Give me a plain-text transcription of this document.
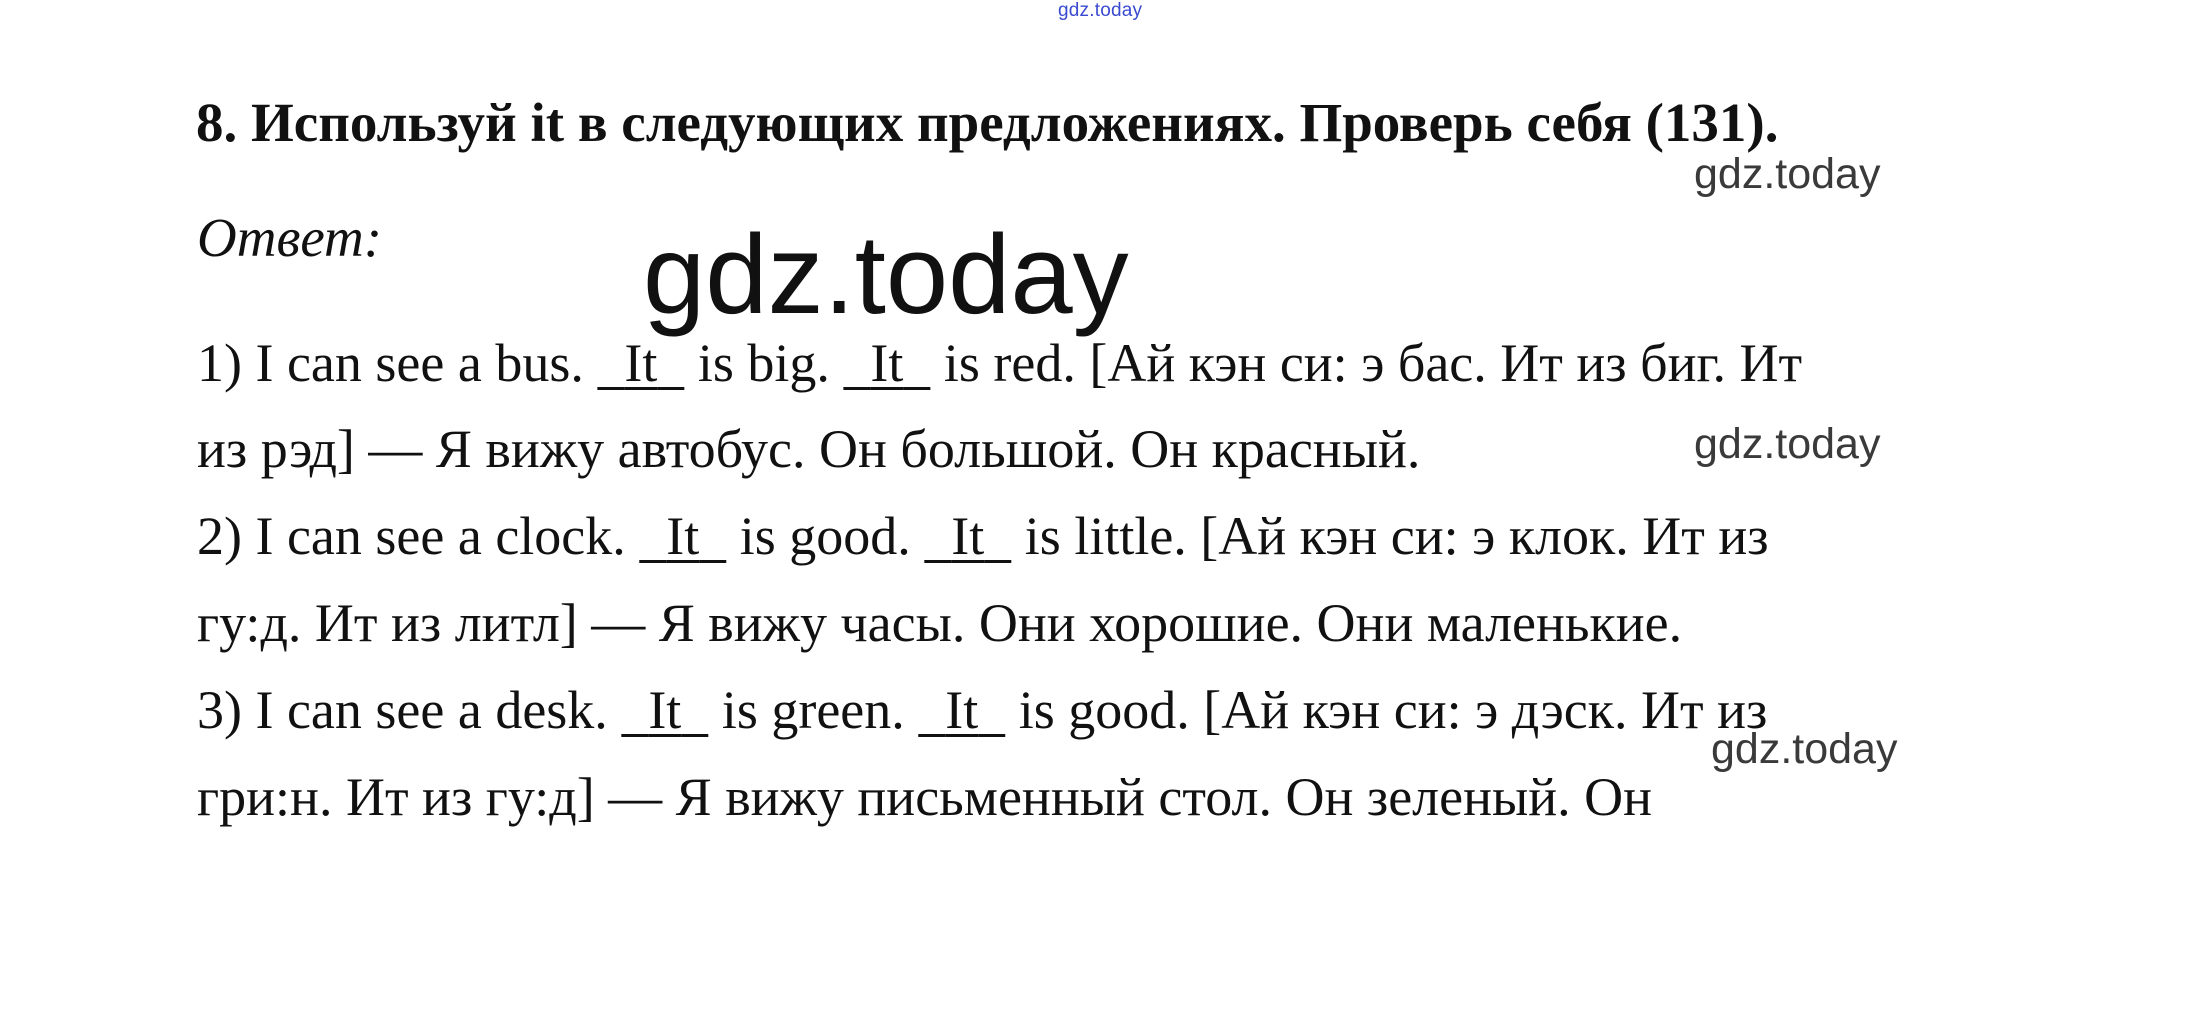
gdz.today
8. Используй it в следующих предложениях. Проверь себя (131).
gdz.today
Ответ: gdz.today
1) I can see a bus.   It   is big.   It   is red. [Ай кэн си: э бас. Ит из биг. Ит
из рэд] — Я вижу автобус. Он большой. Он красный.	gdz.today
2) I can see a clock.   It   is good.   It   is little. [Ай кэн си: э клок. Ит из
гу:д. Ит из литл] — Я вижу часы. Они хорошие. Они маленькие.
3) I can see a desk.   It   is green.   It   is good. [Ай кэн си: э дэск. Ит из
gdz.today
гри:н. Ит из гу:д] — Я вижу письменный стол. Он зеленый. Он
